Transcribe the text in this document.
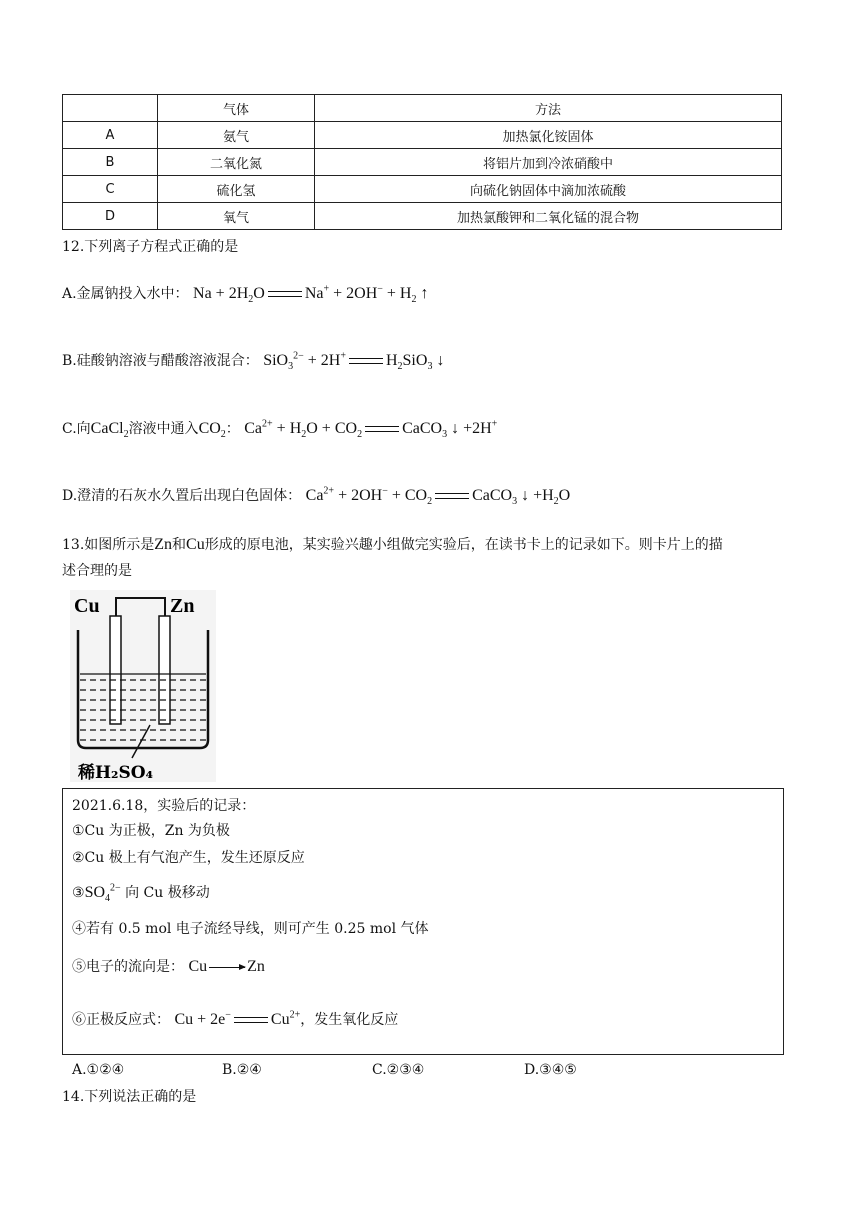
	气体	方法
A	氨气	加热氯化铵固体
B	二氧化氮	将铝片加到冷浓硝酸中
C	硫化氢	向硫化钠固体中滴加浓硫酸
D	氧气	加热氯酸钾和二氧化锰的混合物
12.下列离子方程式正确的是
A.金属钠投入水中： $Na + 2H_2O$	$Na^+ + 2OH^- + H_2$ ↑
B.硅酸钠溶液与醋酸溶液混合： SiO$_3^{2-}$ + 2H+	$H_2SiO_3$ ↓
C.向CaCl$_2$溶液中通入$CO_2$： $Ca^{2+} + H_2O + CO_2$	CaCO$_3$ ↓ +2H+
D.澄清的石灰水久置后出现白色固体： $Ca^{2+} + 2OH^- + CO_2$	CaCO$_3$ ↓ $+H_2O$
13.如图所示是Zn和Cu形成的原电池，某实验兴趣小组做完实验后，在读书卡上的记录如下。则卡片上的描
述合理的是
Cu	Zn
稀H₂SO₄
2021.6.18，实验后的记录：
①Cu 为正极，Zn 为负极
②Cu 极上有气泡产生，发生还原反应
$③SO_4^{2-}$ 向 Cu 极移动
④若有 0.5 mol 电子流经导线，则可产生 0.25 mol 气体
⑤电子的流向是： Cu	Zn
⑥正极反应式： Cu + 2e−	$Cu^{2+}$，发生氧化反应
A.①②④	B.②④	C.②③④	D.③④⑤
14.下列说法正确的是
